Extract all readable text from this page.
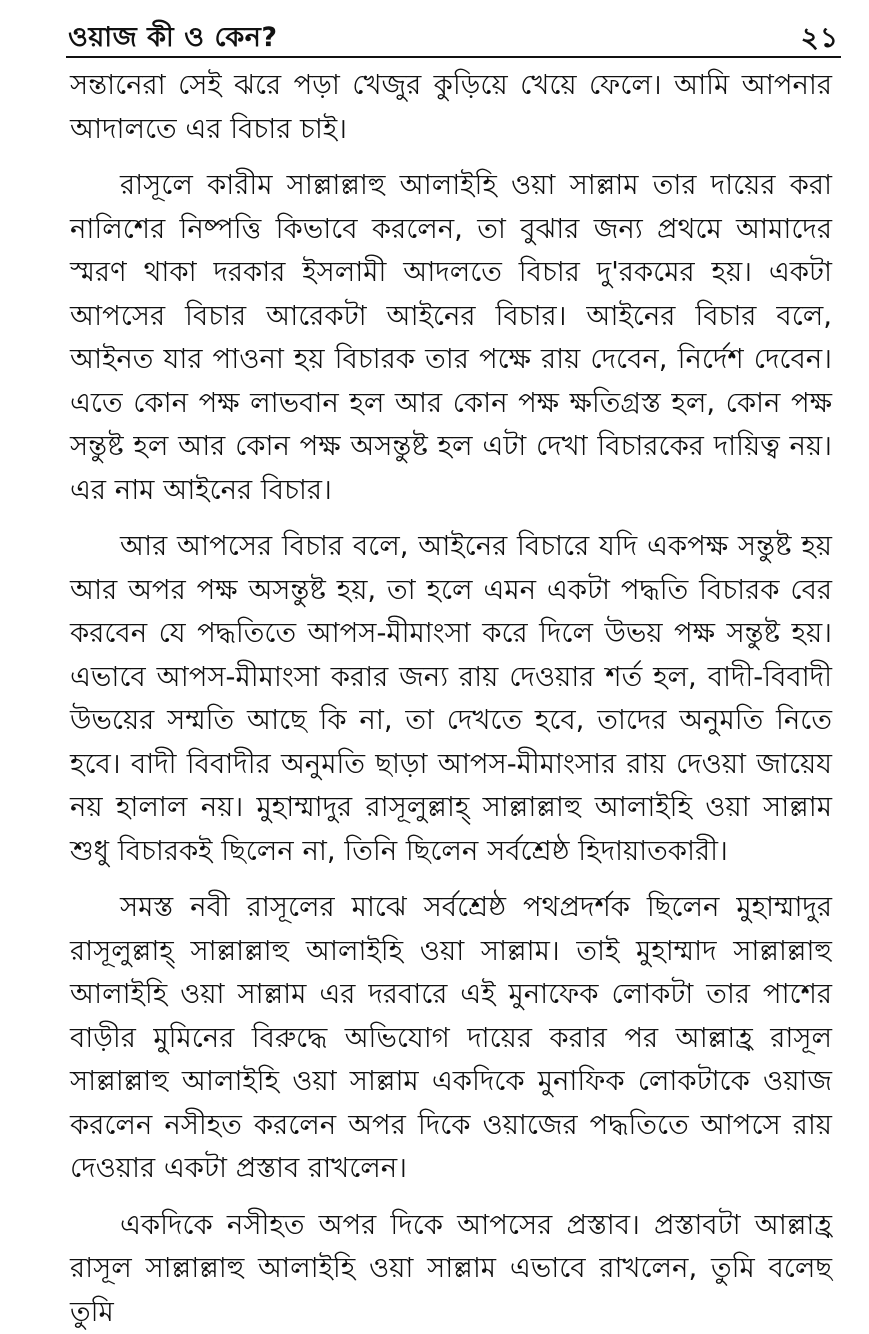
ওয়াজ কী ও কেন?	২১

সন্তানেরা সেই ঝরে পড়া খেজুর কুড়িয়ে খেয়ে ফেলে। আমি আপনার আদালতে এর বিচার চাই।

রাসূলে কারীম সাল্লাল্লাহু আলাইহি ওয়া সাল্লাম তার দায়ের করা নালিশের নিষ্পত্তি কিভাবে করলেন, তা বুঝার জন্য প্রথমে আমাদের স্মরণ থাকা দরকার ইসলামী আদলতে বিচার দু'রকমের হয়। একটা আপসের বিচার আরেকটা আইনের বিচার। আইনের বিচার বলে, আইনত যার পাওনা হয় বিচারক তার পক্ষে রায় দেবেন, নির্দেশ দেবেন। এতে কোন পক্ষ লাভবান হল আর কোন পক্ষ ক্ষতিগ্রস্ত হল, কোন পক্ষ সন্তুষ্ট হল আর কোন পক্ষ অসন্তুষ্ট হল এটা দেখা বিচারকের দায়িত্ব নয়। এর নাম আইনের বিচার।

আর আপসের বিচার বলে, আইনের বিচারে যদি একপক্ষ সন্তুষ্ট হয় আর অপর পক্ষ অসন্তুষ্ট হয়, তা হলে এমন একটা পদ্ধতি বিচারক বের করবেন যে পদ্ধতিতে আপস-মীমাংসা করে দিলে উভয় পক্ষ সন্তুষ্ট হয়। এভাবে আপস-মীমাংসা করার জন্য রায় দেওয়ার শর্ত হল, বাদী-বিবাদী উভয়ের সম্মতি আছে কি না, তা দেখতে হবে, তাদের অনুমতি নিতে হবে। বাদী বিবাদীর অনুমতি ছাড়া আপস-মীমাংসার রায় দেওয়া জায়েয নয় হালাল নয়। মুহাম্মাদুর রাসূলুল্লাহ্ সাল্লাল্লাহু আলাইহি ওয়া সাল্লাম শুধু বিচারকই ছিলেন না, তিনি ছিলেন সর্বশ্রেষ্ঠ হিদায়াতকারী।

সমস্ত নবী রাসূলের মাঝে সর্বশ্রেষ্ঠ পথপ্রদর্শক ছিলেন মুহাম্মাদুর রাসূলুল্লাহ্ সাল্লাল্লাহু আলাইহি ওয়া সাল্লাম। তাই মুহাম্মাদ সাল্লাল্লাহু আলাইহি ওয়া সাল্লাম এর দরবারে এই মুনাফেক লোকটা তার পাশের বাড়ীর মুমিনের বিরুদ্ধে অভিযোগ দায়ের করার পর আল্লাহ্র রাসূল সাল্লাল্লাহু আলাইহি ওয়া সাল্লাম একদিকে মুনাফিক লোকটাকে ওয়াজ করলেন নসীহত করলেন অপর দিকে ওয়াজের পদ্ধতিতে আপসে রায় দেওয়ার একটা প্রস্তাব রাখলেন।

একদিকে নসীহত অপর দিকে আপসের প্রস্তাব। প্রস্তাবটা আল্লাহ্র রাসূল সাল্লাল্লাহু আলাইহি ওয়া সাল্লাম এভাবে রাখলেন, তুমি বলেছ তুমি
